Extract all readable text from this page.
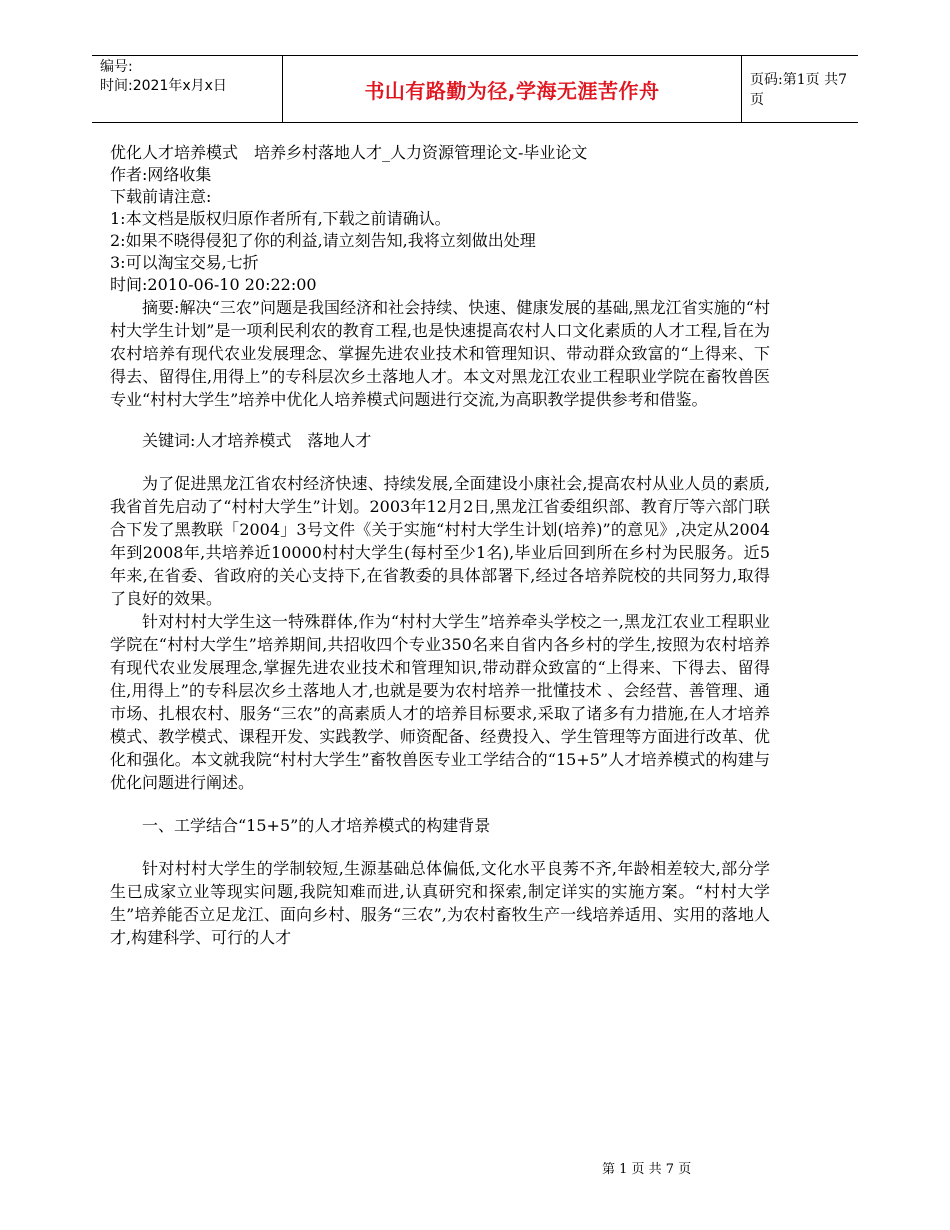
编号:
时间:2021年x月x日	书山有路勤为径,学海无涯苦作舟	页码:第1页 共7页
优化人才培养模式　培养乡村落地人才_人力资源管理论文-毕业论文
作者:网络收集
下载前请注意:
1:本文档是版权归原作者所有,下载之前请确认。
2:如果不晓得侵犯了你的利益,请立刻告知,我将立刻做出处理
3:可以淘宝交易,七折
时间:2010-06-10 20:22:00

摘要:解决“三农”问题是我国经济和社会持续、快速、健康发展的基础,黑龙江省实施的“村村大学生计划”是一项利民利农的教育工程,也是快速提高农村人口文化素质的人才工程,旨在为农村培养有现代农业发展理念、掌握先进农业技术和管理知识、带动群众致富的“上得来、下得去、留得住,用得上”的专科层次乡土落地人才。本文对黑龙江农业工程职业学院在畜牧兽医专业“村村大学生”培养中优化人培养模式问题进行交流,为高职教学提供参考和借鉴。

关键词:人才培养模式　落地人才

为了促进黑龙江省农村经济快速、持续发展,全面建设小康社会,提高农村从业人员的素质,我省首先启动了“村村大学生”计划。2003年12月2日,黑龙江省委组织部、教育厅等六部门联合下发了黑教联「2004」3号文件《关于实施“村村大学生计划(培养)”的意见》,决定从2004年到2008年,共培养近10000村村大学生(每村至少1名),毕业后回到所在乡村为民服务。近5年来,在省委、省政府的关心支持下,在省教委的具体部署下,经过各培养院校的共同努力,取得了良好的效果。

针对村村大学生这一特殊群体,作为“村村大学生”培养牵头学校之一,黑龙江农业工程职业学院在“村村大学生”培养期间,共招收四个专业350名来自省内各乡村的学生,按照为农村培养有现代农业发展理念,掌握先进农业技术和管理知识,带动群众致富的“上得来、下得去、留得住,用得上”的专科层次乡土落地人才,也就是要为农村培养一批懂技术 、会经营、善管理、通市场、扎根农村、服务“三农”的高素质人才的培养目标要求,采取了诸多有力措施,在人才培养模式、教学模式、课程开发、实践教学、师资配备、经费投入、学生管理等方面进行改革、优化和强化。本文就我院“村村大学生”畜牧兽医专业工学结合的“15+5”人才培养模式的构建与优化问题进行阐述。

一、工学结合“15+5”的人才培养模式的构建背景

针对村村大学生的学制较短,生源基础总体偏低,文化水平良莠不齐,年龄相差较大,部分学生已成家立业等现实问题,我院知难而进,认真研究和探索,制定详实的实施方案。“村村大学生”培养能否立足龙江、面向乡村、服务“三农”,为农村畜牧生产一线培养适用、实用的落地人才,构建科学、可行的人才

第 1 页 共 7 页
